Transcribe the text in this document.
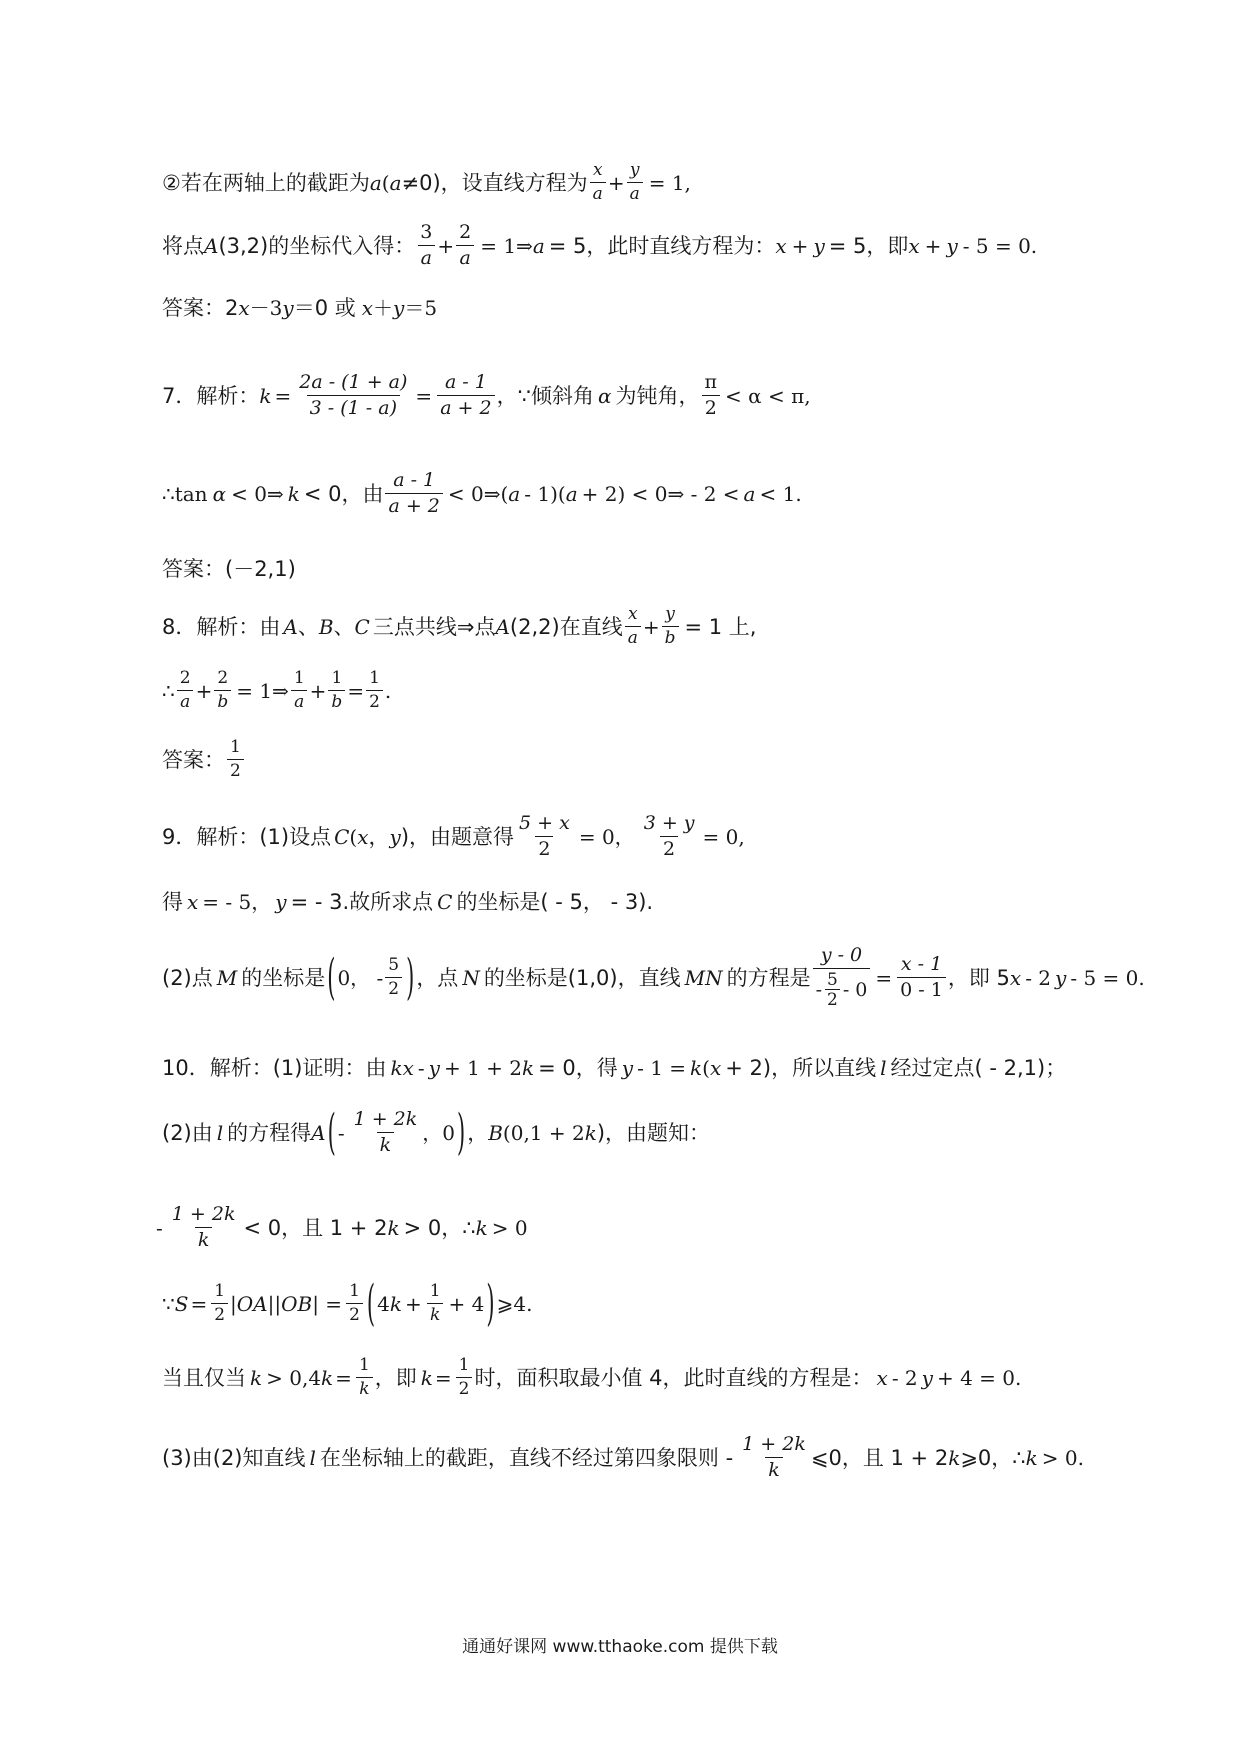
②若在两轴上的截距为 a ( a ≠0)，设直线方程为 $\frac{x}{a} + \frac{y}{a} = 1$,
将点 A (3,2)的坐标代入得： $\frac{3}{a} + \frac{2}{a}$ = 1⇒ a = 5，此时直线方程为： x + y = 5，即 x + y - 5 = 0.
答案：2 x －3 y ＝0 或 x ＋ y ＝5
7．解析： $k = \frac{2a - (1 + a)}{3 - (1 - a)} = \frac{a - 1}{a + 2}$ ，∵倾斜角 α 为钝角， $\frac{\pi}{2} < \alpha < \pi$,
∴tan α < 0⇒ k < 0，由 $\frac{a - 1}{a + 2}$ < 0⇒( a - 1)( a + 2) < 0⇒ - 2 < a < 1.
答案：(－2,1)
8．解析：由 A 、 B 、 C 三点共线⇒点 A (2,2)在直线 $\frac{x}{a} + \frac{y}{b} = 1$ 上,
∴ $\frac{2}{a} + \frac{2}{b}$ = 1⇒ $\frac{1}{a} + \frac{1}{b} = \frac{1}{2}$ .
答案： $\frac{1}{2}$
9．解析：(1)设点 C ( x ， y )，由题意得 $\frac{5 + x}{2} = 0$， $\frac{3 + y}{2} = 0$,
得 x = - 5， y = - 3.故所求点 C 的坐标是( - 5， - 3).
(2)点 M 的坐标是 ( 0， - $\frac{5}{2}$ ) ，点 N 的坐标是(1,0)，直线 MN 的方程是 $\frac{y - 0}{- \frac{5}{2} - 0} = \frac{x - 1}{0 - 1}$ ，即 5 x - 2 y - 5 = 0.
10．解析：(1)证明：由 kx - y + 1 + 2 k = 0，得 y - 1 = k ( x + 2)，所以直线 l 经过定点( - 2,1)；
(2)由 l 的方程得 A ( - $\frac{1 + 2k}{k}$ ，0 ) ， B (0,1 + 2 k )，由题知：
- $\frac{1 + 2k}{k} < 0$，且 1 + 2 k > 0，∴ k > 0
∵ $S = \frac{1}{2}$ | OA || OB | = $\frac{1}{2}$ ( 4 $k + \frac{1}{k} + 4$ ) ⩾4.
当且仅当 k > 0,4 $k = \frac{1}{k}$ ，即 $k = \frac{1}{2}$ 时，面积取最小值 4，此时直线的方程是： x - 2 y + 4 = 0.
(3)由(2)知直线 l 在坐标轴上的截距，直线不经过第四象限则 - $\frac{1 + 2k}{k}$ ⩽0，且 1 + 2 k ⩾0，∴ k > 0.
通通好课网 www.tthaoke.com 提供下载
